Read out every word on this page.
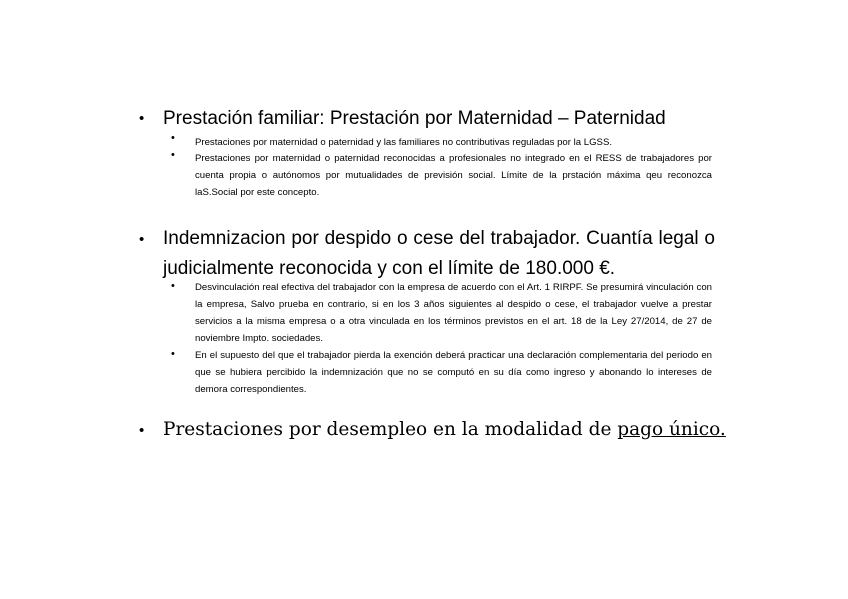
• Prestación familiar: Prestación por Maternidad – Paternidad
• Prestaciones por maternidad o paternidad y las familiares no contributivas reguladas por la LGSS.
• Prestaciones por maternidad o paternidad reconocidas a profesionales no integrado en el RESS de trabajadores por cuenta propia o autónomos por mutualidades de previsión social. Límite de la prstación máxima qeu reconozca laS.Social por este concepto.
• Indemnizacion por despido o cese del trabajador. Cuantía legal o judicialmente reconocida y con el límite de 180.000 €.
• Desvinculación real efectiva del trabajador con la empresa de acuerdo con el Art. 1 RIRPF. Se presumirá vinculación con la empresa, Salvo prueba en contrario, si en los 3 años siguientes al despido o cese, el trabajador vuelve a prestar servicios a la misma empresa o a otra vinculada en los términos previstos en el art. 18 de la Ley 27/2014, de 27 de noviembre Impto. sociedades.
• En el supuesto del que el trabajador pierda la exención deberá practicar una declaración complementaria del periodo en que se hubiera percibido la indemnización que no se computó en su día como ingreso y abonando lo intereses de demora correspondientes.
• Prestaciones por desempleo en la modalidad de pago único.
